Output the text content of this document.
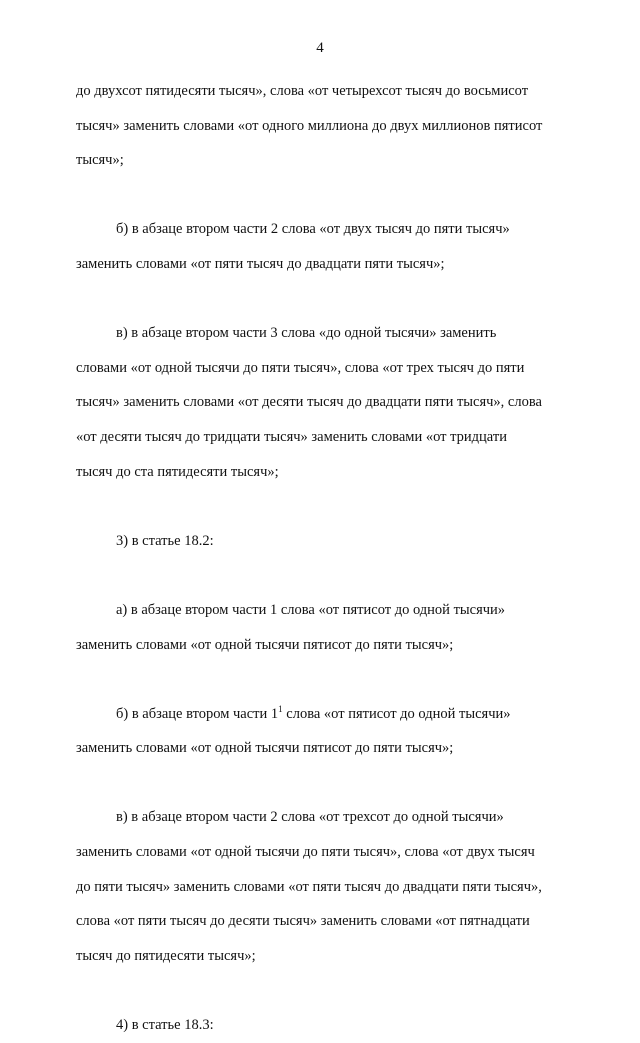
4
до двухсот пятидесяти тысяч», слова «от четырехсот тысяч до восьмисот
тысяч» заменить словами «от одного миллиона до двух миллионов пятисот
тысяч»;
б) в абзаце втором части 2 слова «от двух тысяч до пяти тысяч»
заменить словами «от пяти тысяч до двадцати пяти тысяч»;
в) в абзаце втором части 3 слова «до одной тысячи» заменить
словами «от одной тысячи до пяти тысяч», слова «от трех тысяч до пяти
тысяч» заменить словами «от десяти тысяч до двадцати пяти тысяч», слова
«от десяти тысяч до тридцати тысяч» заменить словами «от тридцати
тысяч до ста пятидесяти тысяч»;
3) в статье 18.2:
а) в абзаце втором части 1 слова «от пятисот до одной тысячи»
заменить словами «от одной тысячи пятисот до пяти тысяч»;
б) в абзаце втором части $1^1$ слова «от пятисот до одной тысячи»
заменить словами «от одной тысячи пятисот до пяти тысяч»;
в) в абзаце втором части 2 слова «от трехсот до одной тысячи»
заменить словами «от одной тысячи до пяти тысяч», слова «от двух тысяч
до пяти тысяч» заменить словами «от пяти тысяч до двадцати пяти тысяч»,
слова «от пяти тысяч до десяти тысяч» заменить словами «от пятнадцати
тысяч до пятидесяти тысяч»;
4) в статье 18.3:
